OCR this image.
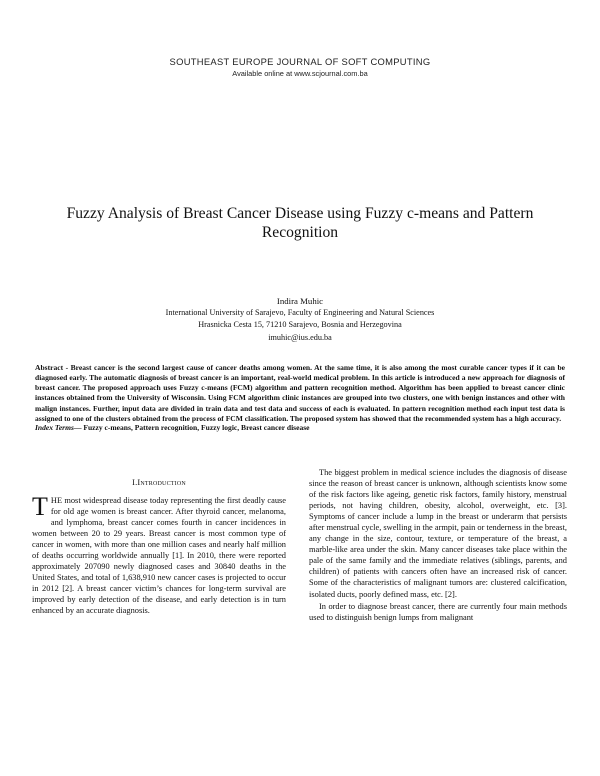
SOUTHEAST EUROPE JOURNAL OF SOFT COMPUTING
Available online at www.scjournal.com.ba
Fuzzy Analysis of Breast Cancer Disease using Fuzzy c-means and Pattern Recognition
Indira Muhic
International University of Sarajevo, Faculty of Engineering and Natural Sciences
Hrasnicka Cesta 15, 71210 Sarajevo, Bosnia and Herzegovina
imuhic@ius.edu.ba
Abstract - Breast cancer is the second largest cause of cancer deaths among women. At the same time, it is also among the most curable cancer types if it can be diagnosed early. The automatic diagnosis of breast cancer is an important, real-world medical problem. In this article is introduced a new approach for diagnosis of breast cancer. The proposed approach uses Fuzzy c-means (FCM) algorithm and pattern recognition method. Algorithm has been applied to breast cancer clinic instances obtained from the University of Wisconsin. Using FCM algorithm clinic instances are grouped into two clusters, one with benign instances and other with malign instances. Further, input data are divided in train data and test data and success of each is evaluated. In pattern recognition method each input test data is assigned to one of the clusters obtained from the process of FCM classification. The proposed system has showed that the recommended system has a high accuracy.
Index Terms— Fuzzy c-means, Pattern recognition, Fuzzy logic, Breast cancer disease
I.Introduction
THE most widespread disease today representing the first deadly cause for old age women is breast cancer. After thyroid cancer, melanoma, and lymphoma, breast cancer comes fourth in cancer incidences in women between 20 to 29 years. Breast cancer is most common type of cancer in women, with more than one million cases and nearly half million of deaths occurring worldwide annually [1]. In 2010, there were reported approximately 207090 newly diagnosed cases and 30840 deaths in the United States, and total of 1,638,910 new cancer cases is projected to occur in 2012 [2]. A breast cancer victim’s chances for long-term survival are improved by early detection of the disease, and early detection is in turn enhanced by an accurate diagnosis.

The biggest problem in medical science includes the diagnosis of disease since the reason of breast cancer is unknown, although scientists know some of the risk factors like ageing, genetic risk factors, family history, menstrual periods, not having children, obesity, alcohol, overweight, etc. [3]. Symptoms of cancer include a lump in the breast or underarm that persists after menstrual cycle, swelling in the armpit, pain or tenderness in the breast, any change in the size, contour, texture, or temperature of the breast, a marble-like area under the skin. Many cancer diseases take place within the pale of the same family and the immediate relatives (siblings, parents, and children) of patients with cancers often have an increased risk of cancer. Some of the characteristics of malignant tumors are: clustered calcification, isolated ducts, poorly defined mass, etc. [2].

In order to diagnose breast cancer, there are currently four main methods used to distinguish benign lumps from malignant
